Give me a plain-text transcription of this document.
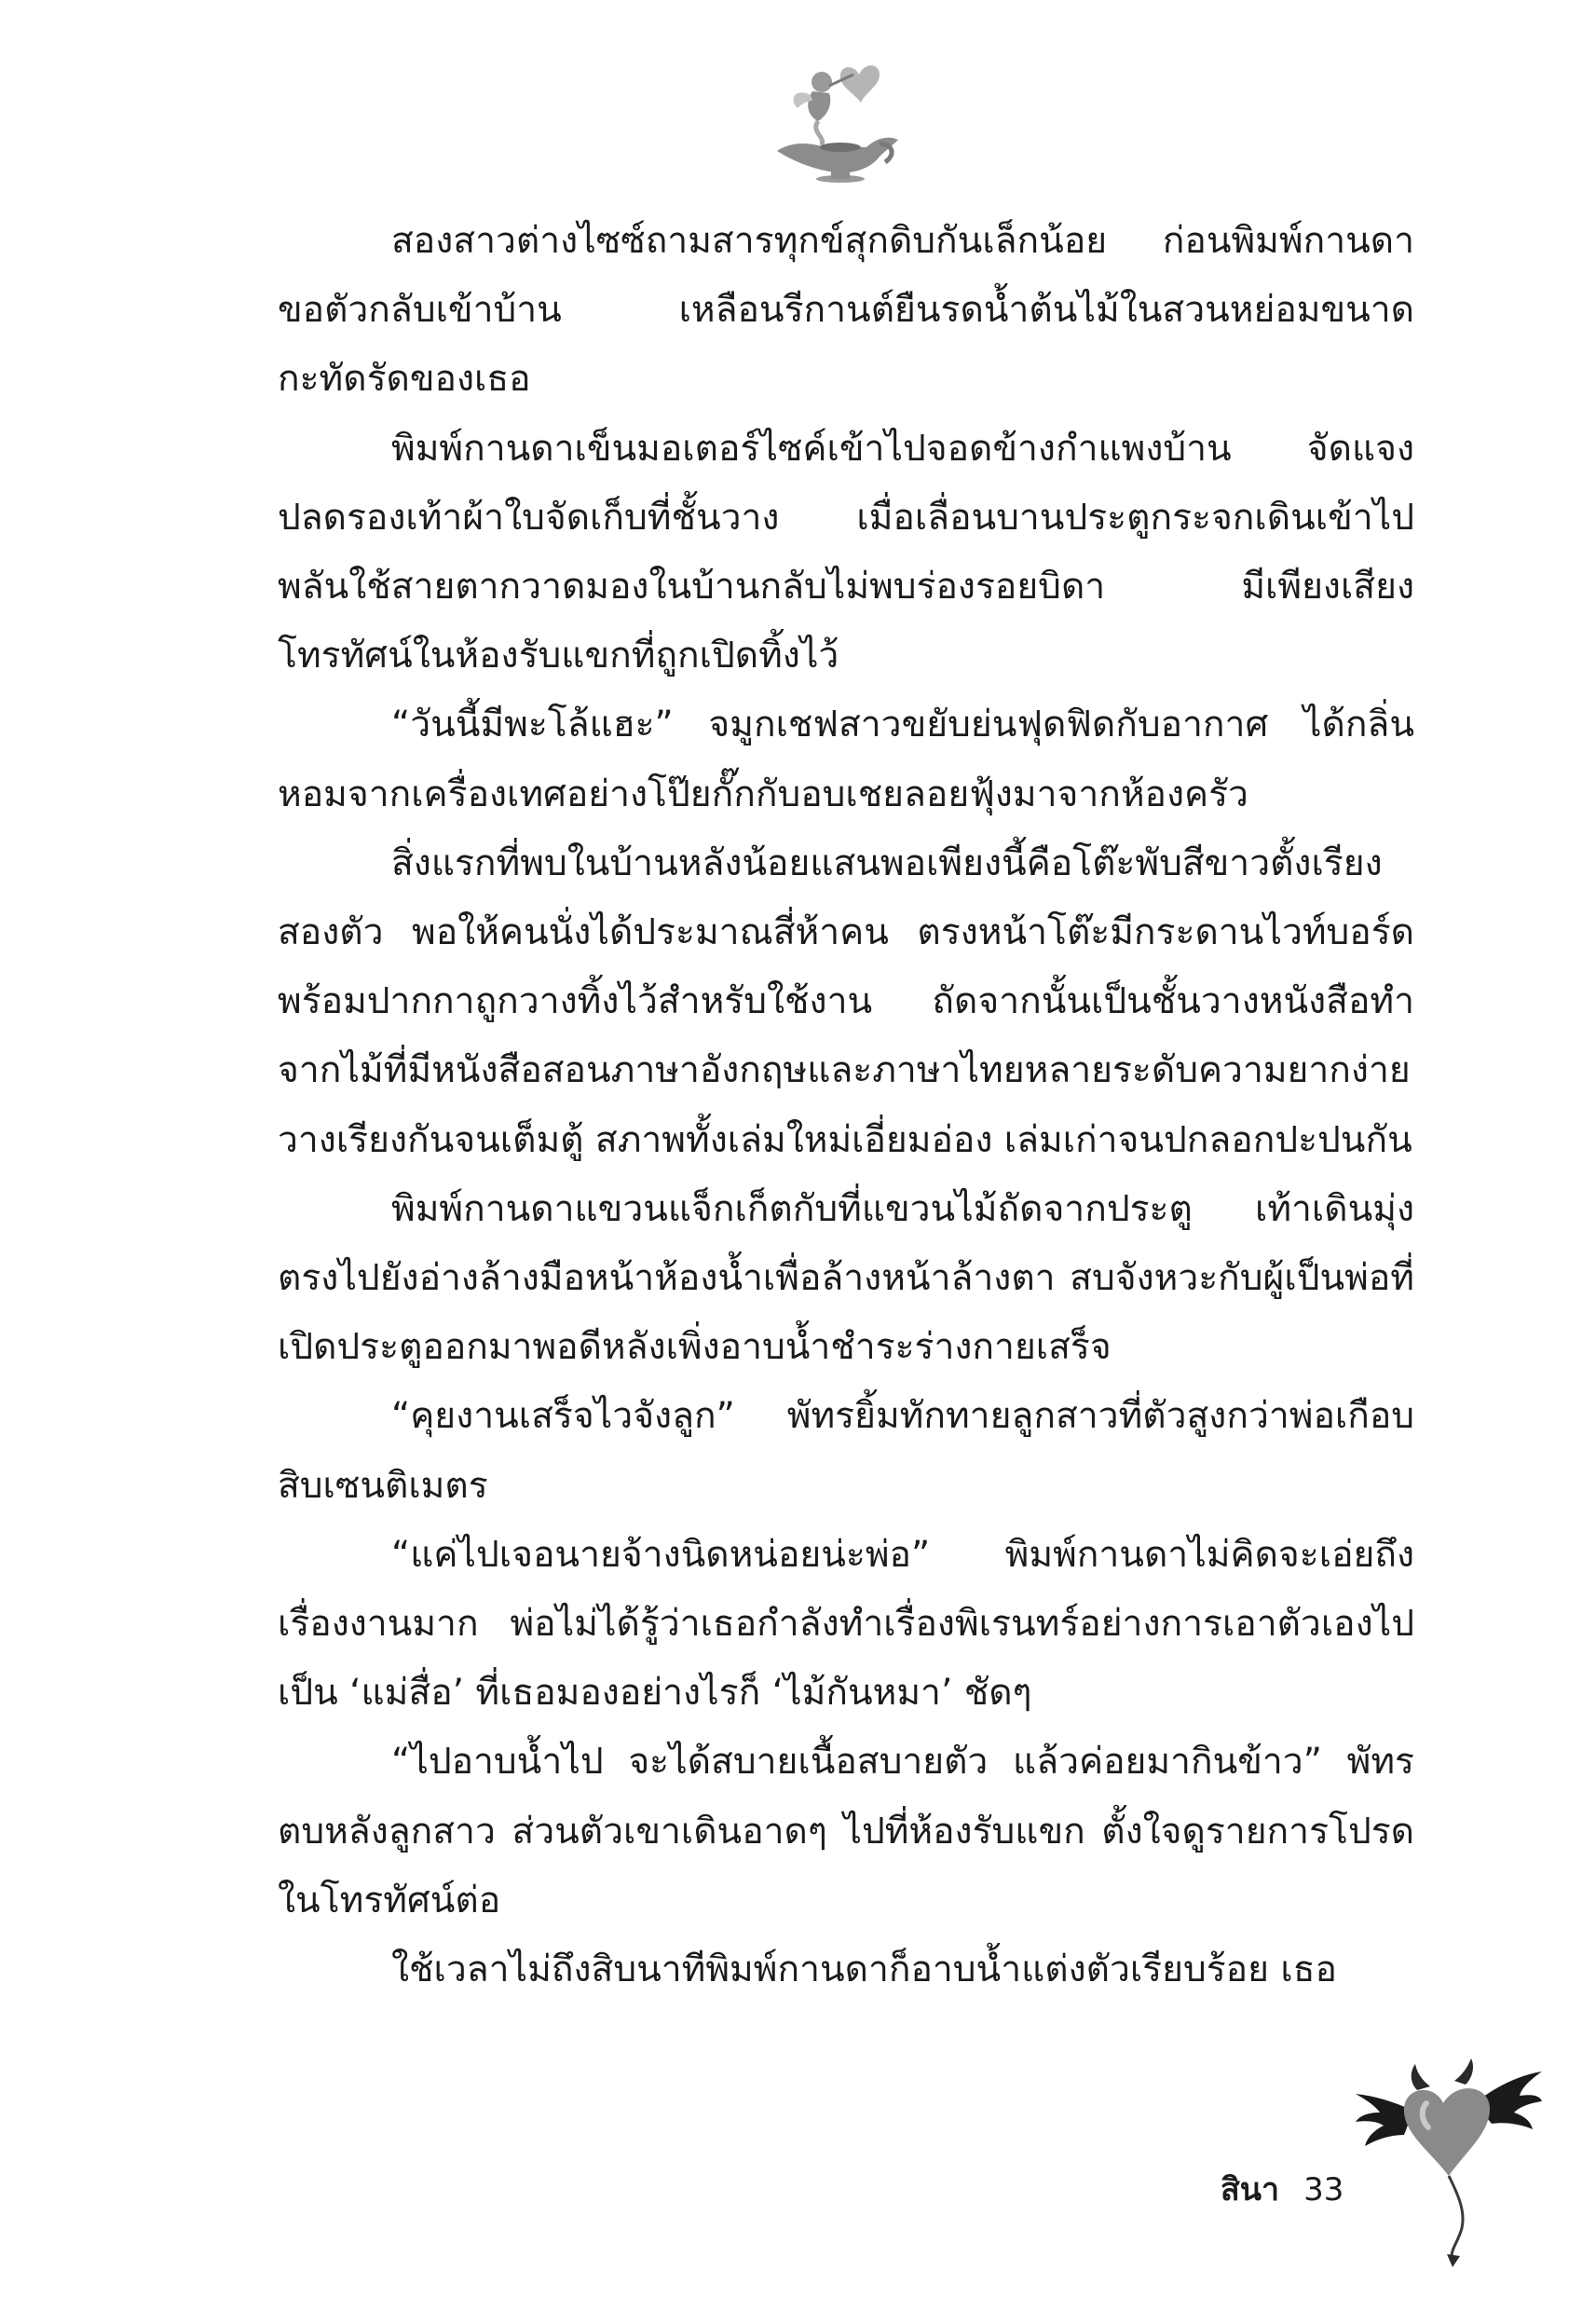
สองสาวต่างไซซ์ถามสารทุกข์สุกดิบกันเล็กน้อย ก่อนพิมพ์กานดาขอตัวกลับเข้าบ้าน เหลือนรีกานต์ยืนรดน้ำต้นไม้ในสวนหย่อมขนาดกะทัดรัดของเธอ

พิมพ์กานดาเข็นมอเตอร์ไซค์เข้าไปจอดข้างกำแพงบ้าน จัดแจงปลดรองเท้าผ้าใบจัดเก็บที่ชั้นวาง เมื่อเลื่อนบานประตูกระจกเดินเข้าไปพลันใช้สายตากวาดมองในบ้านกลับไม่พบร่องรอยบิดา มีเพียงเสียงโทรทัศน์ในห้องรับแขกที่ถูกเปิดทิ้งไว้

“วันนี้มีพะโล้แฮะ” จมูกเชฟสาวขยับย่นฟุดฟิดกับอากาศ ได้กลิ่นหอมจากเครื่องเทศอย่างโป๊ยกั๊กกับอบเชยลอยฟุ้งมาจากห้องครัว

สิ่งแรกที่พบในบ้านหลังน้อยแสนพอเพียงนี้คือโต๊ะพับสีขาวตั้งเรียงสองตัว พอให้คนนั่งได้ประมาณสี่ห้าคน ตรงหน้าโต๊ะมีกระดานไวท์บอร์ดพร้อมปากกาถูกวางทิ้งไว้สำหรับใช้งาน ถัดจากนั้นเป็นชั้นวางหนังสือทำจากไม้ที่มีหนังสือสอนภาษาอังกฤษและภาษาไทยหลายระดับความยากง่ายวางเรียงกันจนเต็มตู้ สภาพทั้งเล่มใหม่เอี่ยมอ่อง เล่มเก่าจนปกลอกปะปนกัน

พิมพ์กานดาแขวนแจ็กเก็ตกับที่แขวนไม้ถัดจากประตู เท้าเดินมุ่งตรงไปยังอ่างล้างมือหน้าห้องน้ำเพื่อล้างหน้าล้างตา สบจังหวะกับผู้เป็นพ่อที่เปิดประตูออกมาพอดีหลังเพิ่งอาบน้ำชำระร่างกายเสร็จ

“คุยงานเสร็จไวจังลูก” พัทรยิ้มทักทายลูกสาวที่ตัวสูงกว่าพ่อเกือบสิบเซนติเมตร

“แค่ไปเจอนายจ้างนิดหน่อยน่ะพ่อ” พิมพ์กานดาไม่คิดจะเอ่ยถึงเรื่องงานมาก พ่อไม่ได้รู้ว่าเธอกำลังทำเรื่องพิเรนทร์อย่างการเอาตัวเองไปเป็น ‘แม่สื่อ’ ที่เธอมองอย่างไรก็ ‘ไม้กันหมา’ ชัดๆ

“ไปอาบน้ำไป จะได้สบายเนื้อสบายตัว แล้วค่อยมากินข้าว” พัทรตบหลังลูกสาว ส่วนตัวเขาเดินอาดๆ ไปที่ห้องรับแขก ตั้งใจดูรายการโปรดในโทรทัศน์ต่อ

ใช้เวลาไม่ถึงสิบนาทีพิมพ์กานดาก็อาบน้ำแต่งตัวเรียบร้อย เธอ

สินา 33
